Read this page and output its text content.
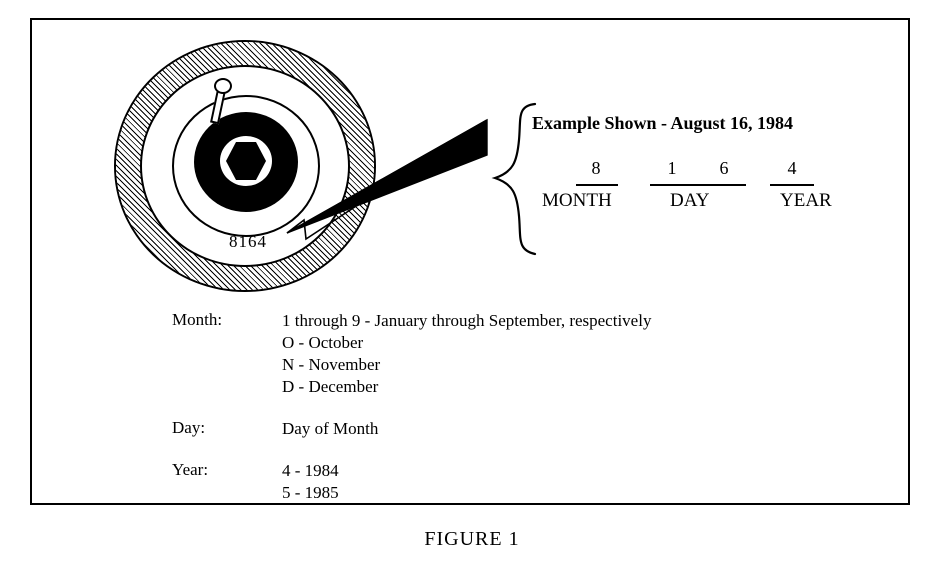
8164
Example Shown - August 16, 1984
8
MONTH
1	6
DAY
4
YEAR
Month:	1 through 9 - January through September, respectively
O - October
N - November
D - December
Day:	Day of Month
Year:	4 - 1984
5 - 1985
FIGURE 1
